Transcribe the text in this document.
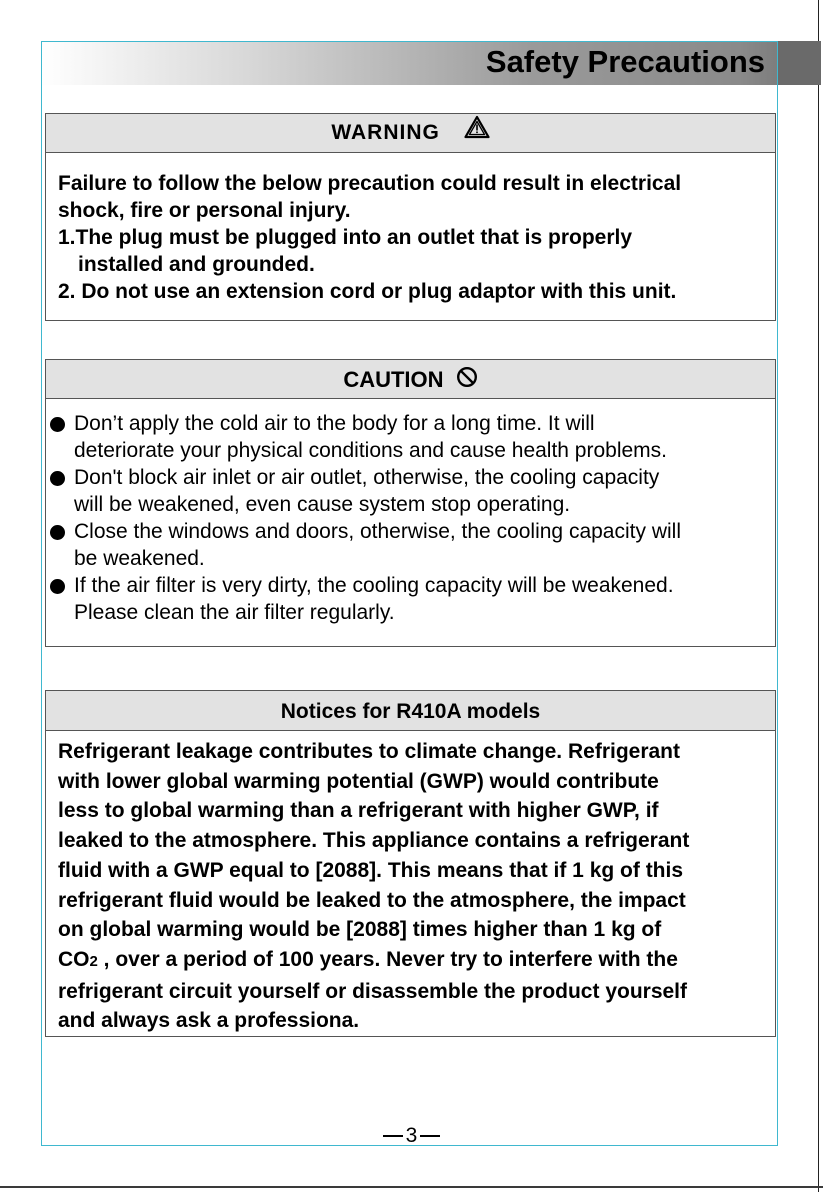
Safety Precautions
WARNING
Failure to follow the below precaution could result in electrical
shock, fire or personal injury.
1.The plug must be plugged into an outlet that is properly
installed and grounded.
2. Do not use an extension cord or plug adaptor with this unit.
CAUTION
Don’t apply the cold air to the body for a long time. It will
deteriorate your physical conditions and cause health problems.
Don't block air inlet or air outlet, otherwise, the cooling capacity
will be weakened, even cause system stop operating.
Close the windows and doors, otherwise, the cooling capacity will
be weakened.
If the air filter is very dirty, the cooling capacity will be weakened.
Please clean the air filter regularly.
Notices for R410A models
Refrigerant leakage contributes to climate change. Refrigerant
with lower global warming potential (GWP) would contribute
less to global warming than a refrigerant with higher GWP, if
leaked to the atmosphere. This appliance contains a refrigerant
fluid with a GWP equal to [2088]. This means that if 1 kg of this
refrigerant fluid would be leaked to the atmosphere, the impact
on global warming would be [2088] times higher than 1 kg of
CO2 , over a period of 100 years. Never try to interfere with the
refrigerant circuit yourself or disassemble the product yourself
and always ask a professiona.
3
